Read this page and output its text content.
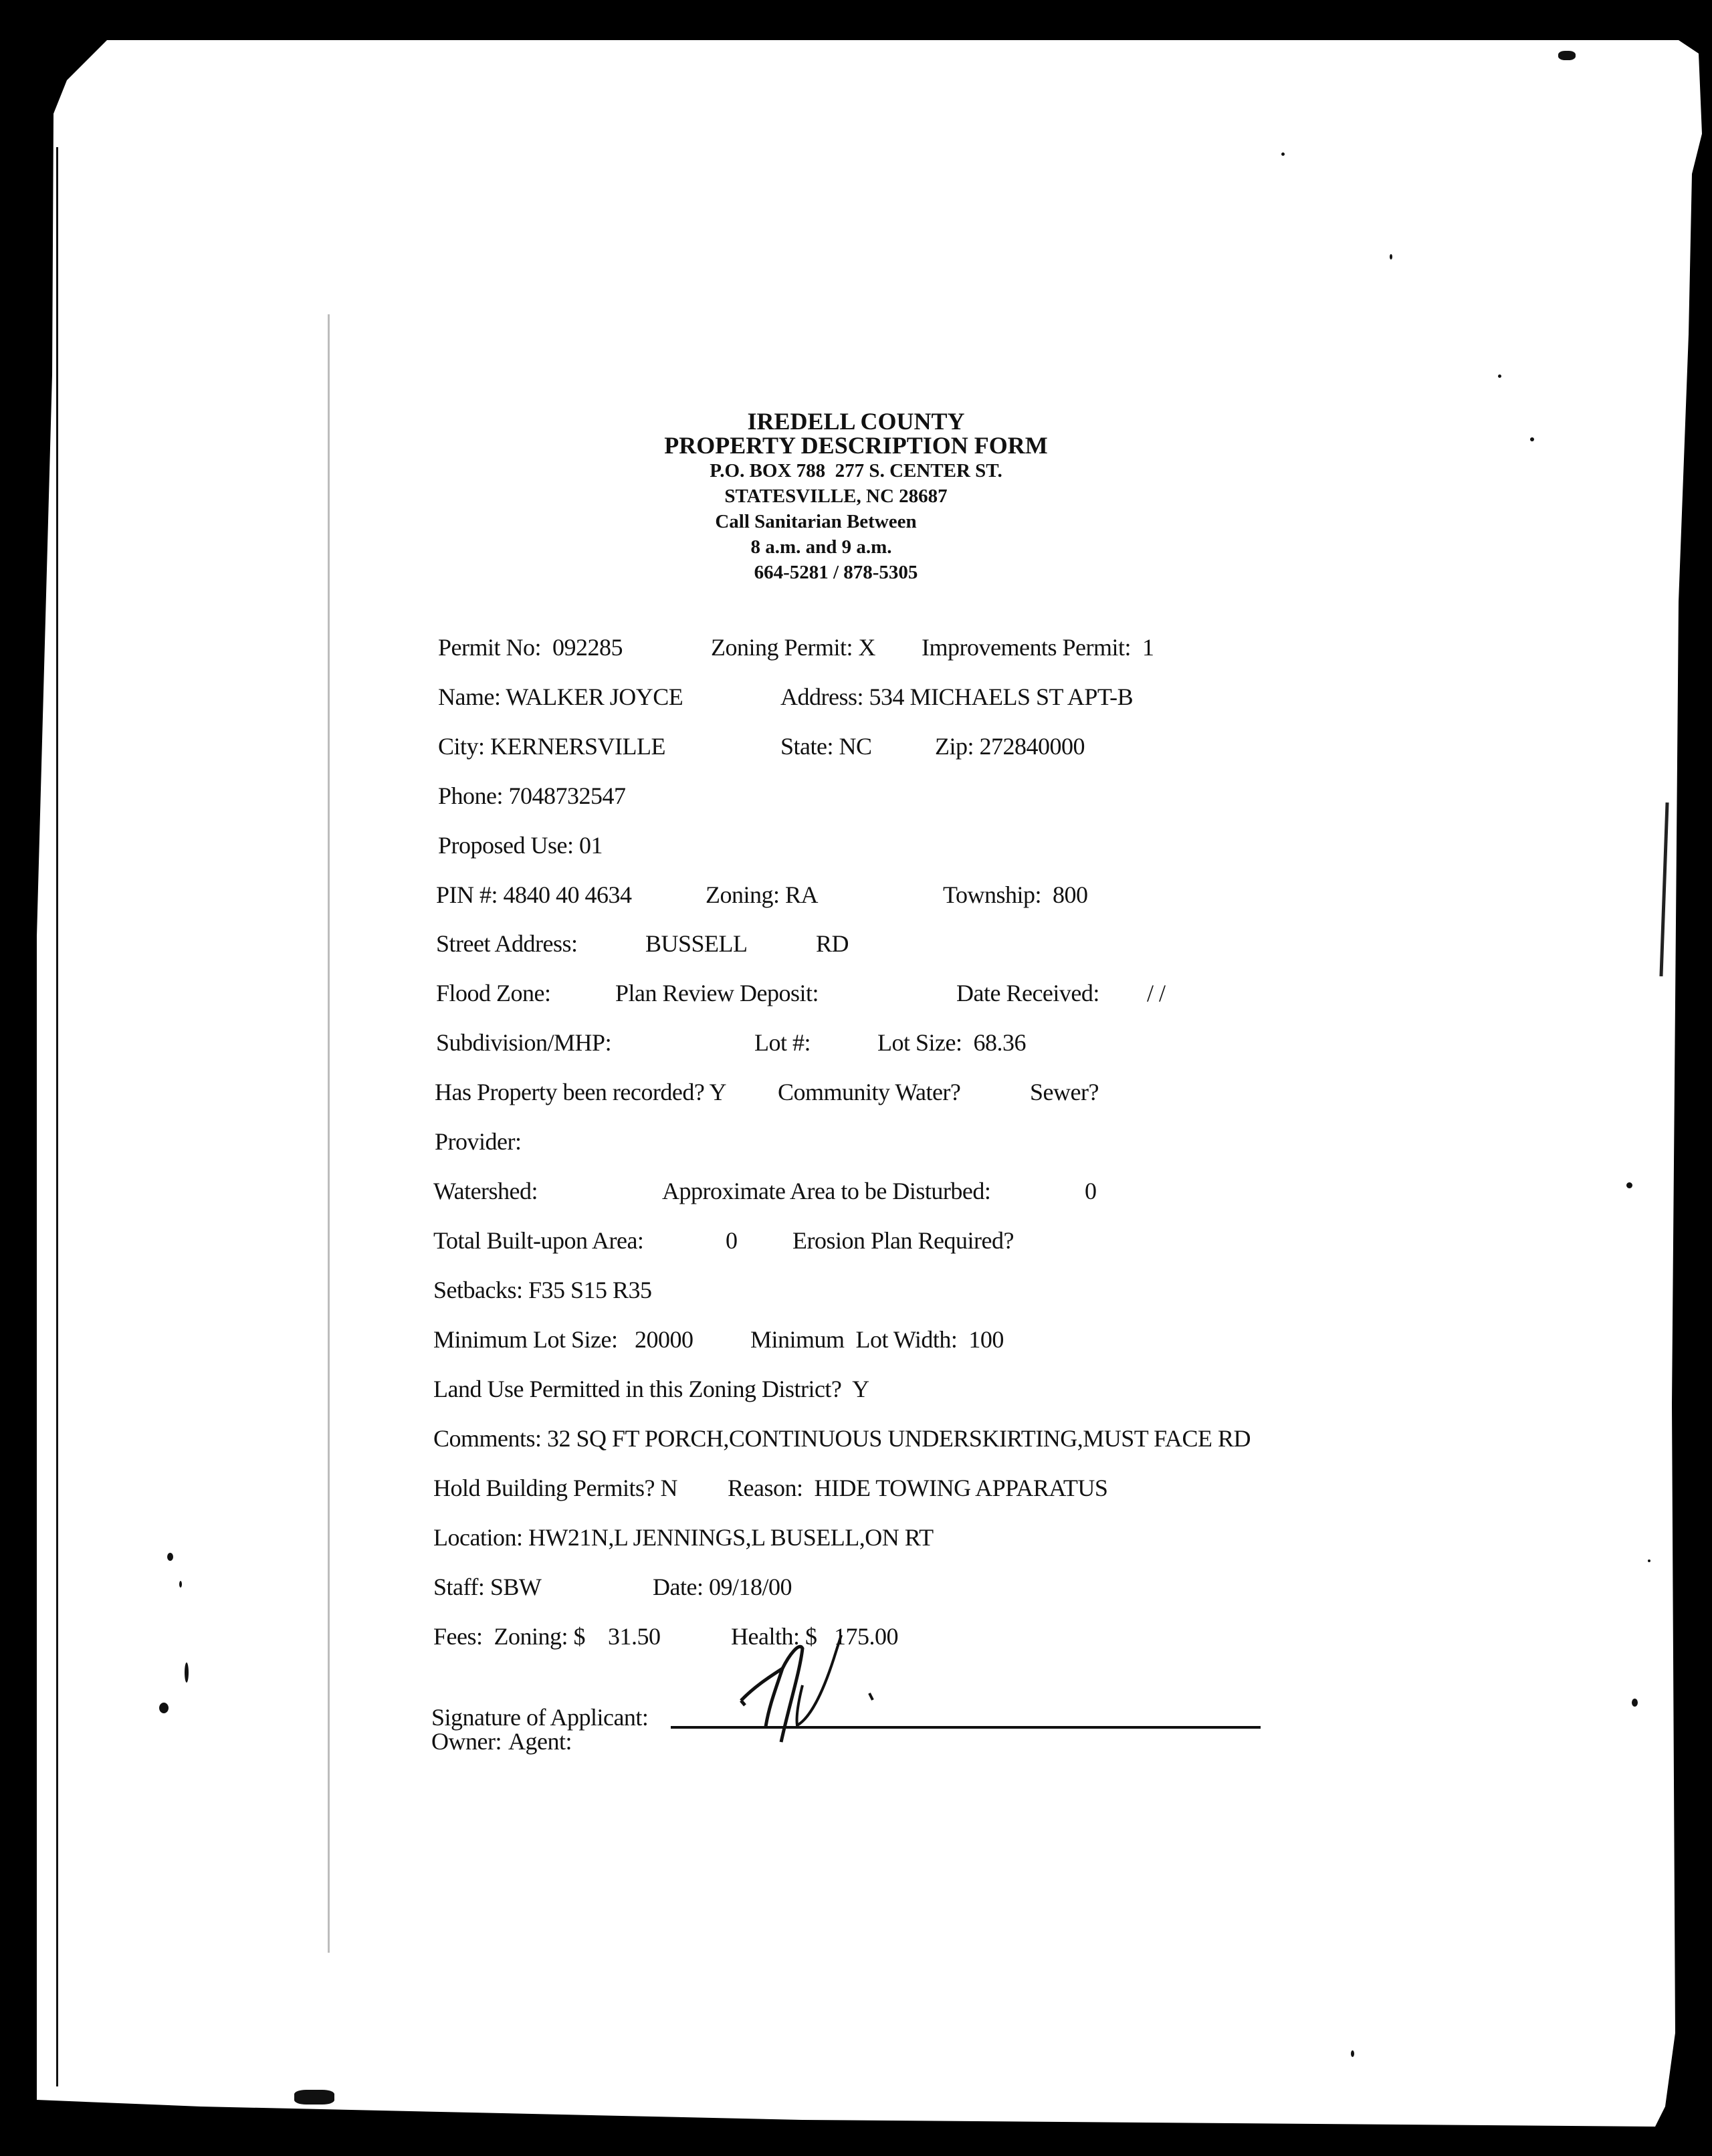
IREDELL COUNTY
PROPERTY DESCRIPTION FORM
P.O. BOX 788  277 S. CENTER ST.
STATESVILLE, NC 28687
Call Sanitarian Between
8 a.m. and 9 a.m.
664-5281 / 878-5305
Permit No:  092285	Zoning Permit: X Improvements Permit:  1
Name: WALKER JOYCE	Address: 534 MICHAELS ST APT-B
City: KERNERSVILLE	State: NC	Zip: 272840000
Phone: 7048732547
Proposed Use: 01
PIN #: 4840 40 4634	Zoning: RA	Township:  800
Street Address:	BUSSELL	RD
Flood Zone:	Plan Review Deposit:	Date Received: / /
Subdivision/MHP:	Lot #:	Lot Size:  68.36
Has Property been recorded? Y Community Water?	Sewer?
Provider:
Watershed:	Approximate Area to be Disturbed:	0
Total Built-upon Area:	0 Erosion Plan Required?
Setbacks: F35 S15 R35
Minimum Lot Size:   20000 Minimum  Lot Width:  100
Land Use Permitted in this Zoning District?  Y
Comments: 32 SQ FT PORCH,CONTINUOUS UNDERSKIRTING,MUST FACE RD
Hold Building Permits? N Reason:  HIDE TOWING APPARATUS
Location: HW21N,L JENNINGS,L BUSELL,ON RT
Staff: SBW	Date: 09/18/00
Fees:  Zoning: $    31.50	Health: $   175.00
Signature of Applicant:
Owner: Agent:
